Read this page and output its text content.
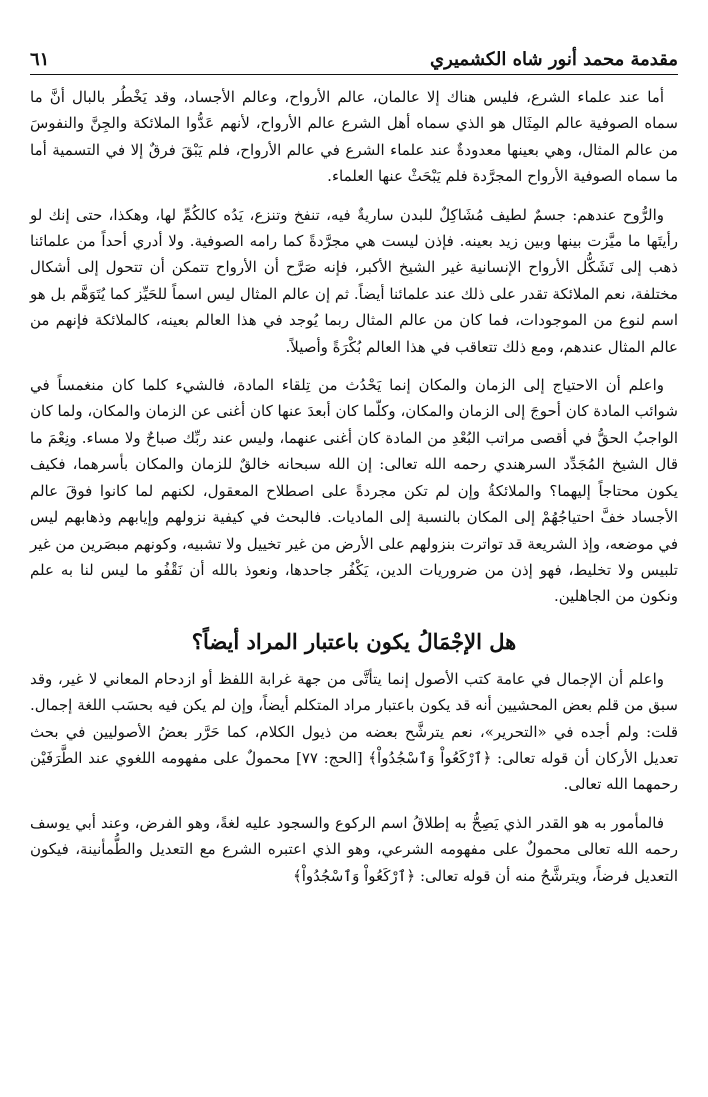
مقدمة محمد أنور شاه الكشميري
٦١

أما عند علماء الشرع، فليس هناك إلا عالمان، عالم الأرواح، وعالم الأجساد، وقد يَخْطُر بالبال أنَّ ما سماه الصوفية عالم المِثَال هو الذي سماه أهل الشرع عالم الأرواح، لأنهم عَدُّوا الملائكة والجِنَّ والنفوسَ من عالم المثال، وهي بعينها معدودةٌ عند علماء الشرع في عالم الأرواح، فلم يَبْقَ فرقٌ إلا في التسمية أما ما سماه الصوفية الأرواح المجرَّدة فلم يَبْحَثْ عنها العلماء.

والرُّوح عندهم: جسمٌ لطيف مُشَاكِلٌ للبدن ساريةٌ فيه، تنفخ وتنزع، يَدُه كالكُمِّ لها، وهكذا، حتى إنك لو رأيتَها ما ميَّزت بينها وبين زيد بعينه. فإذن ليست هي مجرَّدةً كما رامه الصوفية. ولا أدري أحداً من علمائنا ذهب إلى تَشَكُّل الأرواح الإنسانية غير الشيخ الأكبر، فإنه صَرَّح أن الأرواح تتمكن أن تتحول إلى أشكال مختلفة، نعم الملائكة تقدر على ذلك عند علمائنا أيضاً. ثم إن عالم المثال ليس اسماً للحَيِّز كما يُتَوَهَّم بل هو اسم لنوع من الموجودات، فما كان من عالم المثال ربما يُوجد في هذا العالم بعينه، كالملائكة فإنهم من عالم المثال عندهم، ومع ذلك تتعاقب في هذا العالم بُكْرَةً وأصيلاً.

واعلم أن الاحتياج إلى الزمان والمكان إنما يَحْدُث من تِلقاء المادة، فالشيء كلما كان منغمساً في شوائب المادة كان أحوجَ إلى الزمان والمكان، وكلّما كان أبعدَ عنها كان أغنى عن الزمان والمكان، ولما كان الواجبُ الحقُّ في أقصى مراتب البُعْدِ من المادة كان أغنى عنهما، وليس عند ربِّك صباحٌ ولا مساء. ونِعْمَ ما قال الشيخ المُجَدِّد السرهندي رحمه الله تعالى: إن الله سبحانه خالقٌ للزمان والمكان بأسرهما، فكيف يكون محتاجاً إليهما؟ والملائكةُ وإن لم تكن مجردةً على اصطلاح المعقول، لكنهم لما كانوا فوقَ عالم الأجساد خفَّ احتياجُهُمْ إلى المكان بالنسبة إلى الماديات. فالبحث في كيفية نزولهم وإيابهم وذهابهم ليس في موضعه، وإذ الشريعة قد تواترت بنزولهم على الأرض من غير تخييل ولا تشبيه، وكونهم مبصَرين من غير تلبيس ولا تخليط، فهو إذن من ضروريات الدين، يَكْفُر جاحدها، ونعوذ بالله أن نَقْفُو ما ليس لنا به علم ونكون من الجاهلين.

هل الإجْمَالُ يكون باعتبار المراد أيضاً؟

واعلم أن الإجمال في عامة كتب الأصول إنما يتأتَّى من جهة غرابة اللفظ أو ازدحام المعاني لا غير، وقد سبق من قلم بعض المحشيين أنه قد يكون باعتبار مراد المتكلم أيضاً، وإن لم يكن فيه بحسَب اللغة إجمال. قلت: ولم أجده في «التحرير»، نعم يترشَّح بعضه من ذيول الكلام، كما حَرَّر بعضُ الأصوليين في بحث تعديل الأركان أن قوله تعالى: ﴿ٱرْكَعُواْ وَٱسْجُدُواْ﴾ [الحج: ٧٧] محمولٌ على مفهومه اللغوي عند الطَّرَفَيْن رحمهما الله تعالى.

فالمأمور به هو القدر الذي يَصِحُّ به إطلاقُ اسم الركوع والسجود عليه لغةً، وهو الفرض، وعند أبي يوسف رحمه الله تعالى محمولٌ على مفهومه الشرعي، وهو الذي اعتبره الشرع مع التعديل والطُّمأنينة، فيكون التعديل فرضاً، ويترشَّحُ منه أن قوله تعالى: ﴿ٱرْكَعُواْ وَٱسْجُدُواْ﴾
